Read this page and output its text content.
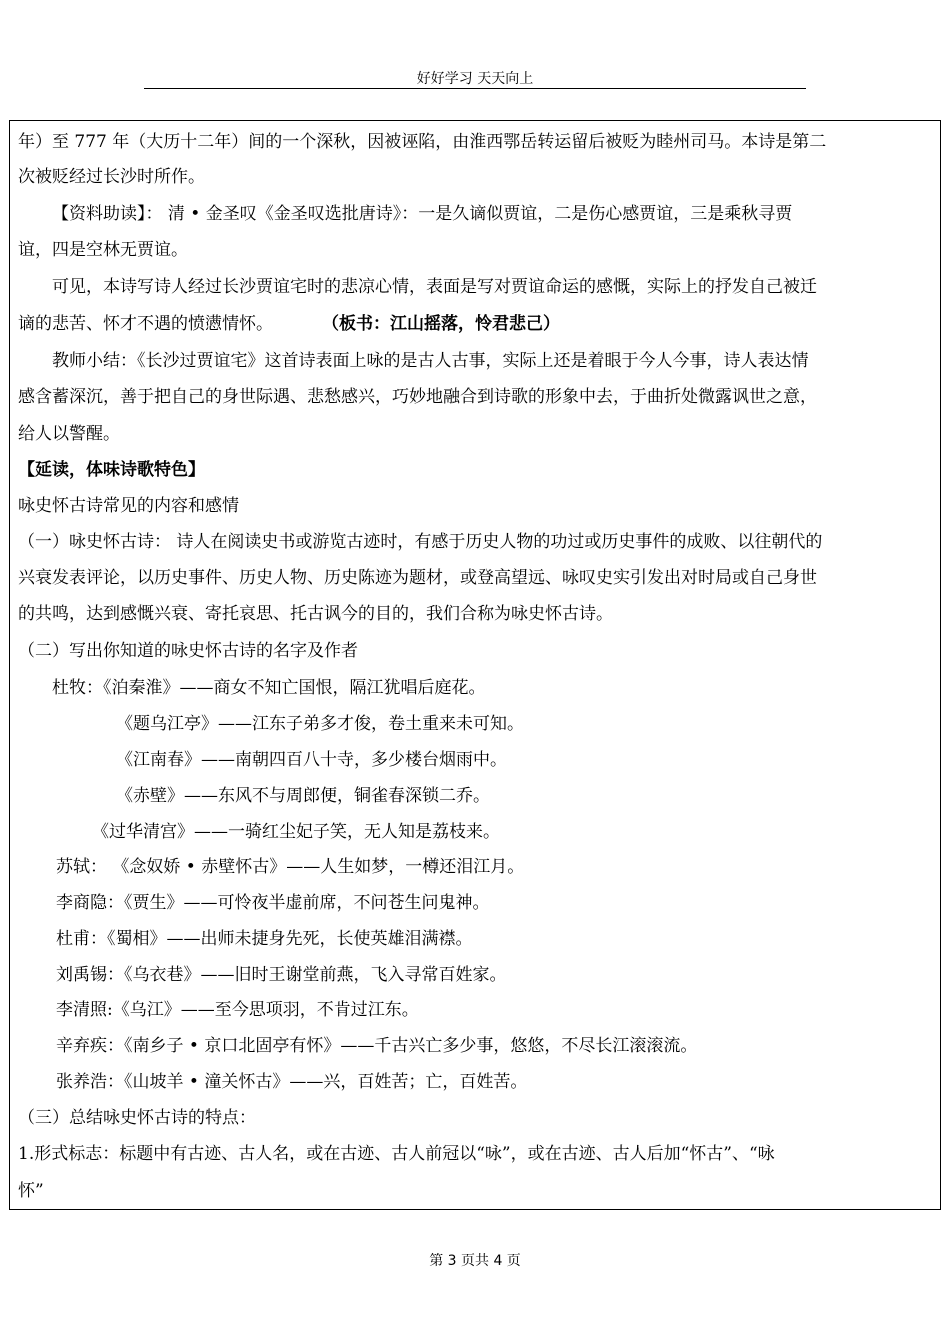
好好学习 天天向上
年）至 777 年（大历十二年）间的一个深秋，因被诬陷，由淮西鄂岳转运留后被贬为睦州司马。本诗是第二
次被贬经过长沙时所作。
【资料助读】： 清 • 金圣叹《金圣叹选批唐诗》：一是久谪似贾谊，二是伤心感贾谊，三是乘秋寻贾
谊，四是空林无贾谊。
可见，本诗写诗人经过长沙贾谊宅时的悲凉心情，表面是写对贾谊命运的感慨，实际上的抒发自己被迁
谪的悲苦、怀才不遇的愤懑情怀。	（板书：江山摇落，怜君悲己）
教师小结：《长沙过贾谊宅》这首诗表面上咏的是古人古事，实际上还是着眼于今人今事，诗人表达情
感含蓄深沉，善于把自己的身世际遇、悲愁感兴，巧妙地融合到诗歌的形象中去，于曲折处微露讽世之意，
给人以警醒。
【延读，体味诗歌特色】
咏史怀古诗常见的内容和感情
（一）咏史怀古诗： 诗人在阅读史书或游览古迹时，有感于历史人物的功过或历史事件的成败、以往朝代的
兴衰发表评论，以历史事件、历史人物、历史陈迹为题材，或登高望远、咏叹史实引发出对时局或自己身世
的共鸣，达到感慨兴衰、寄托哀思、托古讽今的目的，我们合称为咏史怀古诗。
（二）写出你知道的咏史怀古诗的名字及作者
杜牧：《泊秦淮》——商女不知亡国恨，隔江犹唱后庭花。
《题乌江亭》——江东子弟多才俊，卷土重来未可知。
《江南春》——南朝四百八十寺，多少楼台烟雨中。
《赤壁》——东风不与周郎便，铜雀春深锁二乔。
《过华清宫》——一骑红尘妃子笑，无人知是荔枝来。
苏轼： 《念奴娇 • 赤壁怀古》——人生如梦，一樽还泪江月。
李商隐：《贾生》——可怜夜半虚前席，不问苍生问鬼神。
杜甫：《蜀相》——出师未捷身先死，长使英雄泪满襟。
刘禹锡：《乌衣巷》——旧时王谢堂前燕，飞入寻常百姓家。
李清照:《乌江》——至今思项羽，不肯过江东。
辛弃疾：《南乡子 • 京口北固亭有怀》——千古兴亡多少事，悠悠，不尽长江滚滚流。
张养浩：《山坡羊 • 潼关怀古》——兴，百姓苦；亡，百姓苦。
（三）总结咏史怀古诗的特点：
1.形式标志：标题中有古迹、古人名，或在古迹、古人前冠以“咏”，或在古迹、古人后加“怀古”、“咏
怀”
第 3 页共 4 页
